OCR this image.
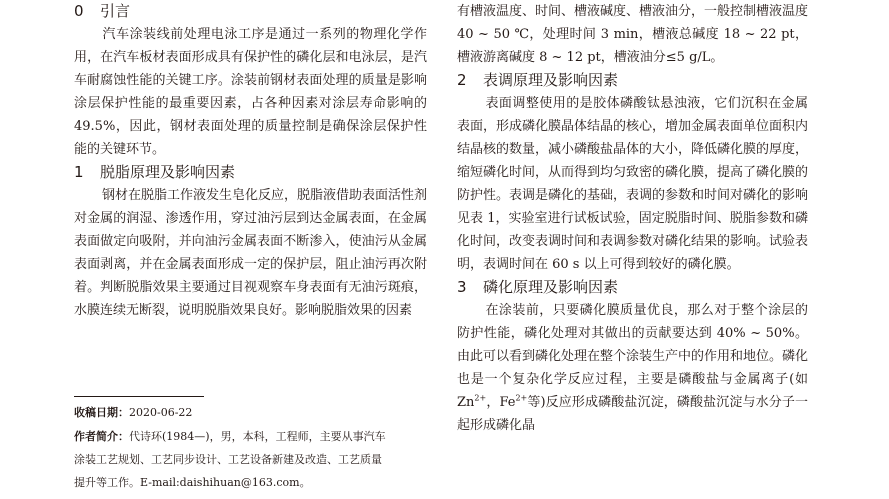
0 引言

汽车涂装线前处理电泳工序是通过一系列的物理化学作用，在汽车板材表面形成具有保护性的磷化层和电泳层，是汽车耐腐蚀性能的关键工序。涂装前钢材表面处理的质量是影响涂层保护性能的最重要因素，占各种因素对涂层寿命影响的 49.5%，因此，钢材表面处理的质量控制是确保涂层保护性能的关键环节。

1 脱脂原理及影响因素

钢材在脱脂工作液发生皂化反应，脱脂液借助表面活性剂对金属的润湿、渗透作用，穿过油污层到达金属表面，在金属表面做定向吸附，并向油污金属表面不断渗入，使油污从金属表面剥离，并在金属表面形成一定的保护层，阻止油污再次附着。判断脱脂效果主要通过目视观察车身表面有无油污斑痕，水膜连续无断裂，说明脱脂效果良好。影响脱脂效果的因素

收稿日期：2020-06-22
作者简介：代诗环(1984—)，男，本科，工程师，主要从事汽车
涂装工艺规划、工艺同步设计、工艺设备新建及改造、工艺质量
提升等工作。E-mail:daishihuan@163.com。

有槽液温度、时间、槽液碱度、槽液油分，一般控制槽液温度 40 ~ 50 ℃，处理时间 3 min，槽液总碱度 18 ~ 22 pt，槽液游离碱度 8 ~ 12 pt，槽液油分≤5 g/L。

2 表调原理及影响因素

表面调整使用的是胶体磷酸钛悬浊液，它们沉积在金属表面，形成磷化膜晶体结晶的核心，增加金属表面单位面积内结晶核的数量，减小磷酸盐晶体的大小，降低磷化膜的厚度，缩短磷化时间，从而得到均匀致密的磷化膜，提高了磷化膜的防护性。表调是磷化的基础，表调的参数和时间对磷化的影响见表 1，实验室进行试板试验，固定脱脂时间、脱脂参数和磷化时间，改变表调时间和表调参数对磷化结果的影响。试验表明，表调时间在 60 s 以上可得到较好的磷化膜。

3 磷化原理及影响因素

在涂装前，只要磷化膜质量优良，那么对于整个涂层的防护性能，磷化处理对其做出的贡献要达到 40% ~ 50%。由此可以看到磷化处理在整个涂装生产中的作用和地位。磷化也是一个复杂化学反应过程，主要是磷酸盐与金属离子(如 $Zn^{2+}$，$Fe^{2+}$等)反应形成磷酸盐沉淀，磷酸盐沉淀与水分子一起形成磷化晶
